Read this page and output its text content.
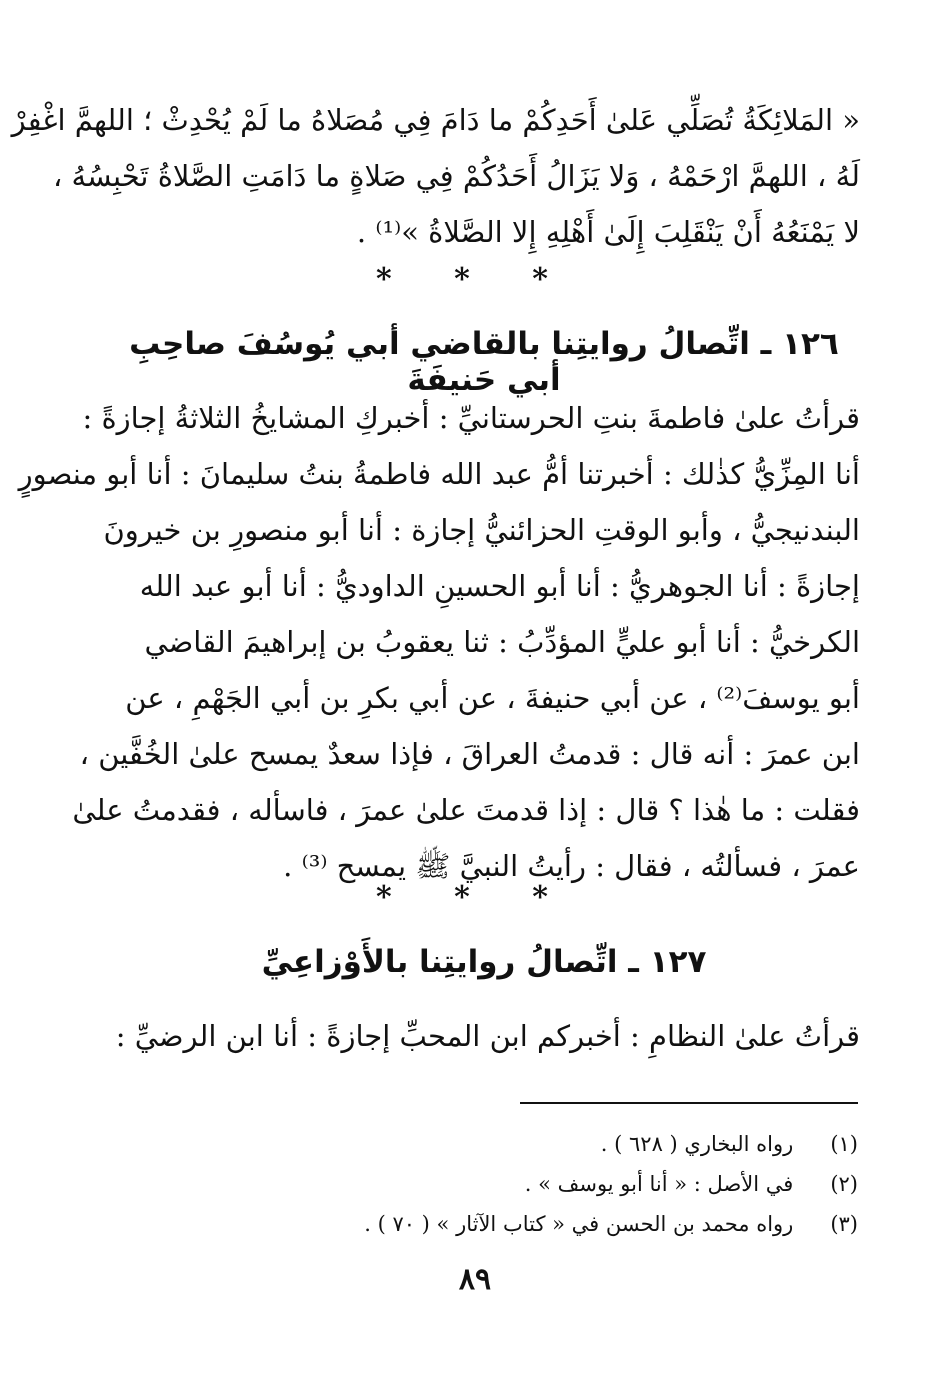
« المَلائِكَةُ تُصَلِّي عَلىٰ أَحَدِكُمْ ما دَامَ فِي مُصَلاهُ ما لَمْ يُحْدِثْ ؛ اللهمَّ اغْفِرْ
لَهُ ، اللهمَّ ارْحَمْهُ ، وَلا يَزَالُ أَحَدُكُمْ فِي صَلاةٍ ما دَامَتِ الصَّلاةُ تَحْبِسُهُ ،
لا يَمْنَعُهُ أَنْ يَنْقَلِبَ إِلَىٰ أَهْلِهِ إِلا الصَّلاةُ »⁽¹⁾ .
* * *
١٢٦ ـ اتِّصالُ روايتِنا بالقاضي أبي يُوسُفَ صاحِبِ أبي حَنيفَةَ
قرأتُ علىٰ فاطمةَ بنتِ الحرستانيِّ : أخبركِ المشايخُ الثلاثةُ إجازةً :
أنا المِزِّيُّ كذٰلك : أخبرتنا أمُّ عبد الله فاطمةُ بنتُ سليمانَ : أنا أبو منصورٍ
البندنيجيُّ ، وأبو الوقتِ الحزائنيُّ إجازة : أنا أبو منصورِ بن خيرونَ
إجازةً : أنا الجوهريُّ : أنا أبو الحسينِ الداوديُّ : أنا أبو عبد الله
الكرخيُّ : أنا أبو عليٍّ المؤدِّبُ : ثنا يعقوبُ بن إبراهيمَ القاضي
أبو يوسفَ⁽²⁾ ، عن أبي حنيفةَ ، عن أبي بكرِ بن أبي الجَهْمِ ، عن
ابن عمرَ : أنه قال : قدمتُ العراقَ ، فإذا سعدٌ يمسح علىٰ الخُفَّين ،
فقلت : ما هٰذا ؟ قال : إذا قدمتَ علىٰ عمرَ ، فاسأله ، فقدمتُ علىٰ
عمرَ ، فسألتُه ، فقال : رأيتُ النبيَّ ﷺ يمسح ⁽³⁾ .
* * *
١٢٧ ـ اتِّصالُ روايتِنا بالأَوْزاعِيِّ
قرأتُ علىٰ النظامِ : أخبركم ابن المحبِّ إجازةً : أنا ابن الرضيِّ :
(١) رواه البخاري ( ٦٢٨ ) .
(٢) في الأصل : « أنا أبو يوسف » .
(٣) رواه محمد بن الحسن في « كتاب الآثار » ( ٧٠ ) .
٨٩
